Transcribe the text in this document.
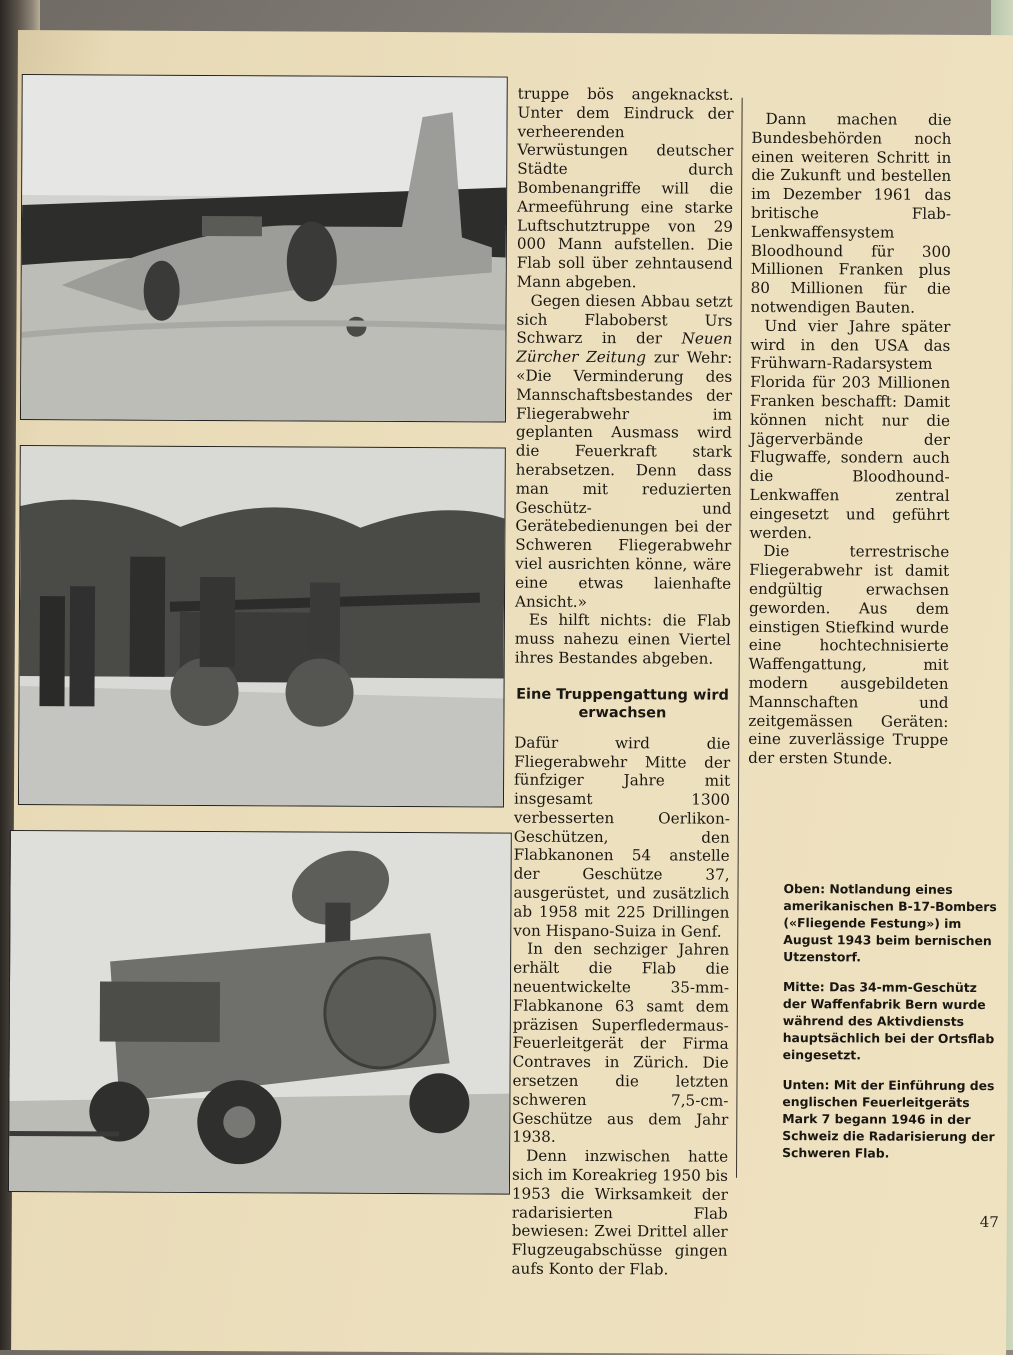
truppe bös angeknackst. Unter dem Eindruck der verheerenden Verwüstungen deutscher Städte durch Bombenangriffe will die Armeeführung eine starke Luftschutztruppe von 29 000 Mann aufstellen. Die Flab soll über zehntausend Mann abgeben.

Gegen diesen Abbau setzt sich Flaboberst Urs Schwarz in der Neuen Zürcher Zeitung zur Wehr: «Die Verminderung des Mannschaftsbestandes der Fliegerabwehr im geplanten Ausmass wird die Feuerkraft stark herabsetzen. Denn dass man mit reduzierten Geschütz- und Gerätebedienungen bei der Schweren Fliegerabwehr viel ausrichten könne, wäre eine etwas laienhafte Ansicht.»

Es hilft nichts: die Flab muss nahezu einen Viertel ihres Bestandes abgeben.

Eine Truppengattung wird erwachsen

Dafür wird die Fliegerabwehr Mitte der fünfziger Jahre mit insgesamt 1300 verbesserten Oerlikon-Geschützen, den Flabkanonen 54 anstelle der Geschütze 37, ausgerüstet, und zusätzlich ab 1958 mit 225 Drillingen von Hispano-Suiza in Genf.

In den sechziger Jahren erhält die Flab die neuentwickelte 35-mm-Flabkanone 63 samt dem präzisen Superfledermaus-Feuerleitgerät der Firma Contraves in Zürich. Die ersetzen die letzten schweren 7,5-cm-Geschütze aus dem Jahr 1938.

Denn inzwischen hatte sich im Koreakrieg 1950 bis 1953 die Wirksamkeit der radarisierten Flab bewiesen: Zwei Drittel aller Flugzeugabschüsse gingen aufs Konto der Flab.

Dann machen die Bundesbehörden noch einen weiteren Schritt in die Zukunft und bestellen im Dezember 1961 das britische Flab-Lenkwaffensystem Bloodhound für 300 Millionen Franken plus 80 Millionen für die notwendigen Bauten.

Und vier Jahre später wird in den USA das Frühwarn-Radarsystem Florida für 203 Millionen Franken beschafft: Damit können nicht nur die Jägerverbände der Flugwaffe, sondern auch die Bloodhound-Lenkwaffen zentral eingesetzt und geführt werden.

Die terrestrische Fliegerabwehr ist damit endgültig erwachsen geworden. Aus dem einstigen Stiefkind wurde eine hochtechnisierte Waffengattung, mit modern ausgebildeten Mannschaften und zeitgemässen Geräten: eine zuverlässige Truppe der ersten Stunde.

Oben: Notlandung eines amerikanischen B-17-Bombers («Fliegende Festung») im August 1943 beim bernischen Utzenstorf.

Mitte: Das 34-mm-Geschütz der Waffenfabrik Bern wurde während des Aktivdiensts hauptsächlich bei der Ortsflab eingesetzt.

Unten: Mit der Einführung des englischen Feuerleitgeräts Mark 7 begann 1946 in der Schweiz die Radarisierung der Schweren Flab.

47
